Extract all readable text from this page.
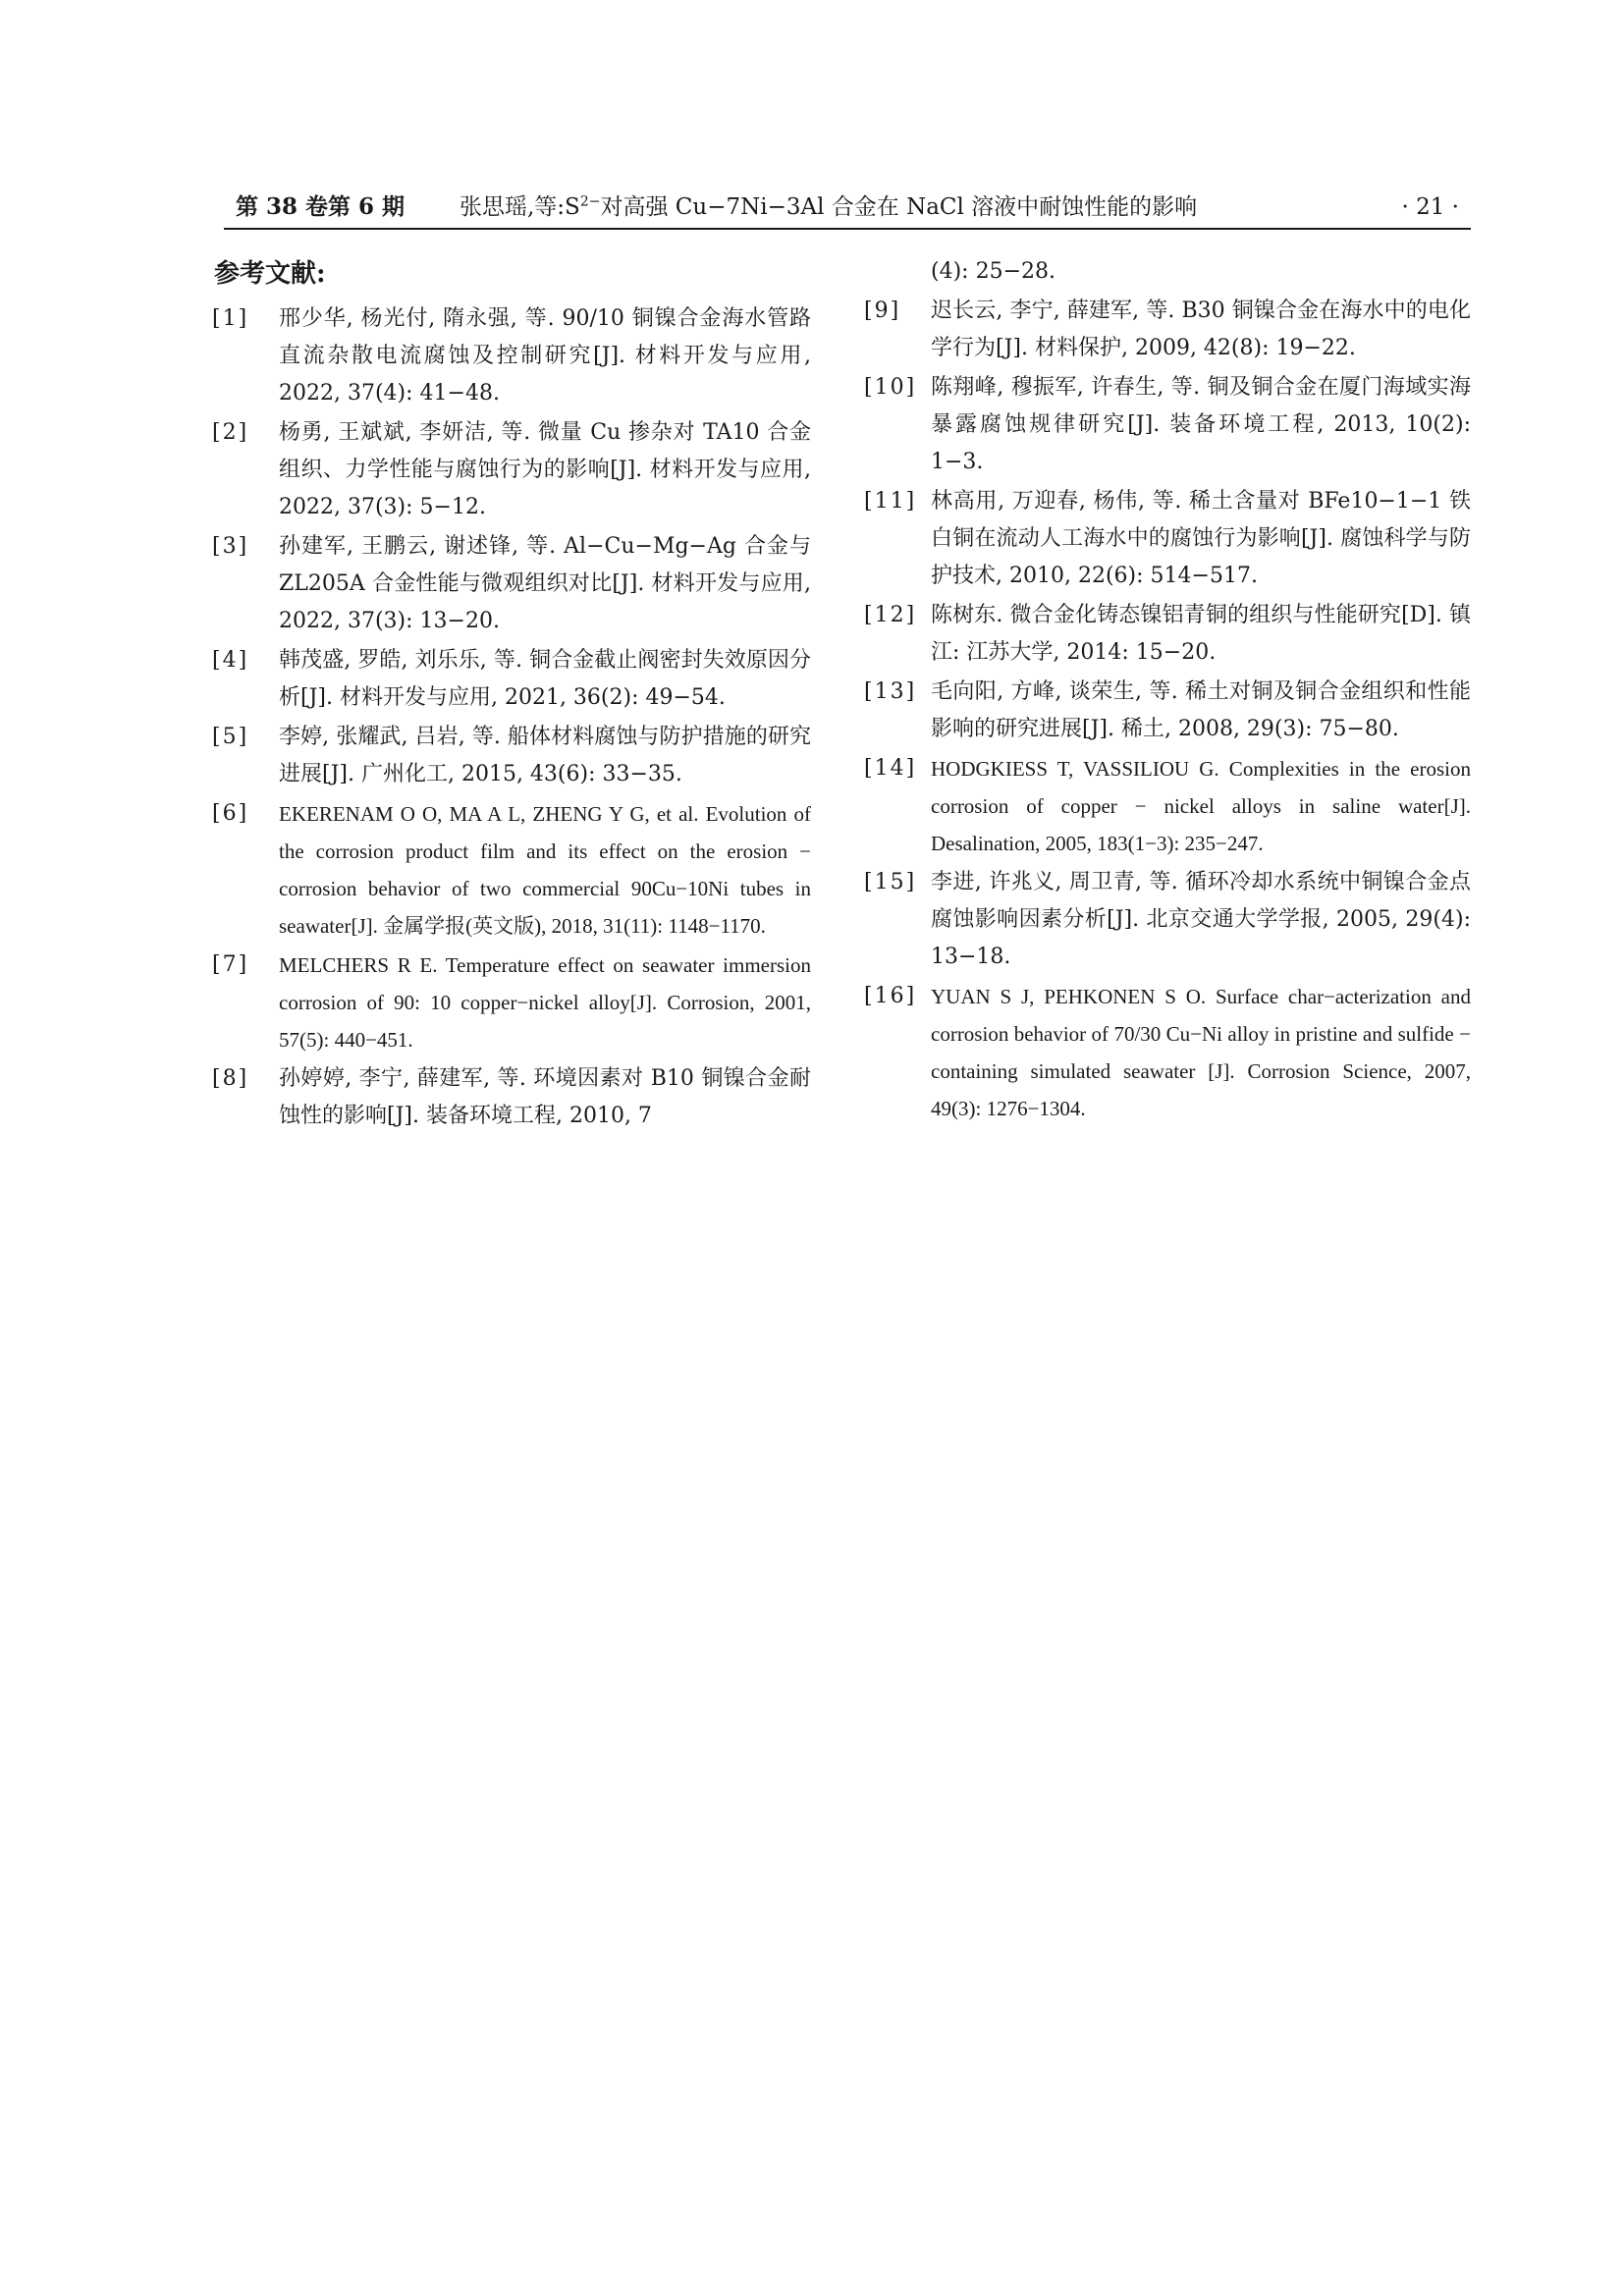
第 38 卷第 6 期 张思瑶,等$:S^{2-}$对高强 Cu−7Ni−3Al 合金在 NaCl 溶液中耐蚀性能的影响	· 21 ·
参考文献:
[1]	邢少华, 杨光付, 隋永强, 等. 90/10 铜镍合金海水管路直流杂散电流腐蚀及控制研究[J]. 材料开发与应用, 2022, 37(4): 41−48.
[2]	杨勇, 王斌斌, 李妍洁, 等. 微量 Cu 掺杂对 TA10 合金组织、力学性能与腐蚀行为的影响[J]. 材料开发与应用, 2022, 37(3): 5−12.
[3]	孙建军, 王鹏云, 谢述锋, 等. Al−Cu−Mg−Ag 合金与 ZL205A 合金性能与微观组织对比[J]. 材料开发与应用, 2022, 37(3): 13−20.
[4]	韩茂盛, 罗皓, 刘乐乐, 等. 铜合金截止阀密封失效原因分析[J]. 材料开发与应用, 2021, 36(2): 49−54.
[5]	李婷, 张耀武, 吕岩, 等. 船体材料腐蚀与防护措施的研究进展[J]. 广州化工, 2015, 43(6): 33−35.
[6]	EKERENAM O O, MA A L, ZHENG Y G, et al. Evolution of the corrosion product film and its effect on the erosion − corrosion behavior of two commercial 90Cu−10Ni tubes in seawater[J]. 金属学报(英文版), 2018, 31(11): 1148−1170.
[7]	MELCHERS R E. Temperature effect on seawater immersion corrosion of 90: 10 copper−nickel alloy[J]. Corrosion, 2001, 57(5): 440−451.
[8]	孙婷婷, 李宁, 薛建军, 等. 环境因素对 B10 铜镍合金耐蚀性的影响[J]. 装备环境工程, 2010, 7
(4): 25−28.
[9]	迟长云, 李宁, 薛建军, 等. B30 铜镍合金在海水中的电化学行为[J]. 材料保护, 2009, 42(8): 19−22.
[10] 陈翔峰, 穆振军, 许春生, 等. 铜及铜合金在厦门海域实海暴露腐蚀规律研究[J]. 装备环境工程, 2013, 10(2): 1−3.
[11] 林高用, 万迎春, 杨伟, 等. 稀土含量对 BFe10−1−1 铁白铜在流动人工海水中的腐蚀行为影响[J]. 腐蚀科学与防护技术, 2010, 22(6): 514−517.
[12] 陈树东. 微合金化铸态镍铝青铜的组织与性能研究[D]. 镇江: 江苏大学, 2014: 15−20.
[13] 毛向阳, 方峰, 谈荣生, 等. 稀土对铜及铜合金组织和性能影响的研究进展[J]. 稀土, 2008, 29(3): 75−80.
[14] HODGKIESS T, VASSILIOU G. Complexities in the erosion corrosion of copper − nickel alloys in saline water[J]. Desalination, 2005, 183(1−3): 235−247.
[15] 李进, 许兆义, 周卫青, 等. 循环冷却水系统中铜镍合金点腐蚀影响因素分析[J]. 北京交通大学学报, 2005, 29(4): 13−18.
[16] YUAN S J, PEHKONEN S O. Surface char−acterization and corrosion behavior of 70/30 Cu−Ni alloy in pristine and sulfide − containing simulated seawater [J]. Corrosion Science, 2007, 49(3): 1276−1304.
